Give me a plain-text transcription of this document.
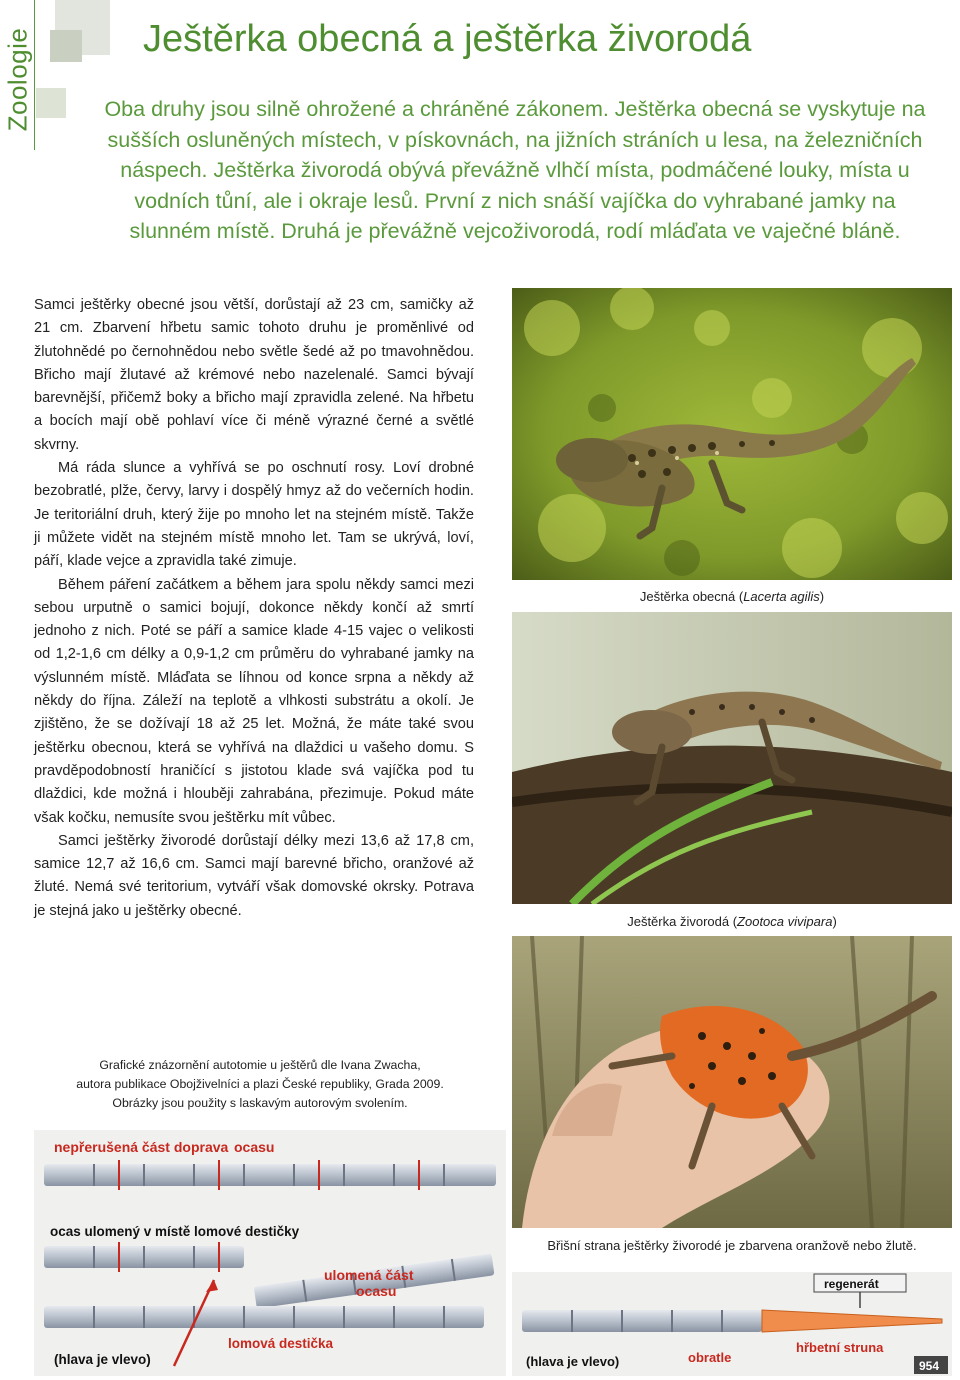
Zoologie	Ještěrka obecná a ještěrka živorodá

Oba druhy jsou silně ohrožené a chráněné zákonem. Ještěrka obecná se vyskytuje na sušších osluněných místech, v pískovnách, na jižních stráních u lesa, na železničních náspech. Ještěrka živorodá obývá převážně vlhčí místa, podmáčené louky, místa u vodních tůní, ale i okraje lesů. První z nich snáší vajíčka do vyhrabané jamky na slunném místě. Druhá je převážně vejcoživorodá, rodí mláďata ve vaječné bláně.

Samci ještěrky obecné jsou větší, dorůstají až 23 cm, samičky až 21 cm. Zbarvení hřbetu samic tohoto druhu je proměnlivé od žlutohnědé po černohnědou nebo světle šedé až po tmavohnědou. Břicho mají žlutavé až krémové nebo nazelenalé. Samci bývají barevnější, přičemž boky a břicho mají zpravidla zelené. Na hřbetu a bocích mají obě pohlaví více či méně výrazné černé a světlé skvrny.

Má ráda slunce a vyhřívá se po oschnutí rosy. Loví drobné bezobratlé, plže, červy, larvy i dospělý hmyz až do večerních hodin. Je teritoriální druh, který žije po mnoho let na stejném místě. Takže ji můžete vidět na stejném místě mnoho let. Tam se ukrývá, loví, páří, klade vejce a zpravidla také zimuje.

Během páření začátkem a během jara spolu někdy samci mezi sebou urputně o samici bojují, dokonce někdy končí až smrtí jednoho z nich. Poté se páří a samice klade 4-15 vajec o velikosti od 1,2-1,6 cm délky a 0,9-1,2 cm průměru do vyhrabané jamky na výslunném místě. Mláďata se líhnou od konce srpna a někdy až někdy do října. Záleží na teplotě a vlhkosti substrátu a okolí. Je zjištěno, že se dožívají 18 až 25 let. Možná, že máte také svou ještěrku obecnou, která se vyhřívá na dlaždici u vašeho domu. S pravděpodobností hraničící s jistotou klade svá vajíčka pod tu dlaždici, kde možná i hlouběji zahrabána, přezimuje. Pokud máte však kočku, nemusíte svou ještěrku mít vůbec.

Samci ještěrky živorodé dorůstají délky mezi 13,6 až 17,8 cm, samice 12,7 až 16,6 cm. Samci mají barevné břicho, oranžové až žluté. Nemá své teritorium, vytváří však domovské okrsky. Potrava je stejná jako u ještěrky obecné.

Ještěrka obecná (Lacerta agilis)
Ještěrka živorodá (Zootoca vivipara)
Břišní strana ještěrky živorodé je zbarvena oranžově nebo žlutě.
Grafické znázornění autotomie u ještěrů dle Ivana Zwacha,
autora publikace Obojživelníci a plazi České republiky, Grada 2009.
Obrázky jsou použity s laskavým autorovým svolením.
nepřerušená část doprava ocasu
ocas ulomený v místě lomové destičky
ulomená část
ocasu
lomová destička
(hlava je vlevo)
regenerát
(hlava je vlevo)	obratle
hřbetní struna
954
